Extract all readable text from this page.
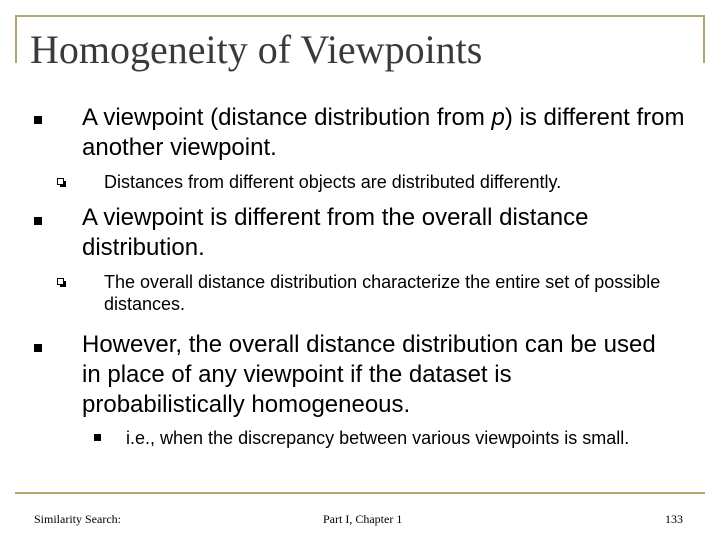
Homogeneity of Viewpoints

A viewpoint (distance distribution from p) is different from another viewpoint.

Distances from different objects are distributed differently.

A viewpoint is different from the overall distance distribution.

The overall distance distribution characterize the entire set of possible distances.

However, the overall distance distribution can be used in place of any viewpoint if the dataset is probabilistically homogeneous.

i.e., when the discrepancy between various viewpoints is small.

Similarity Search:	Part I, Chapter 1	133
